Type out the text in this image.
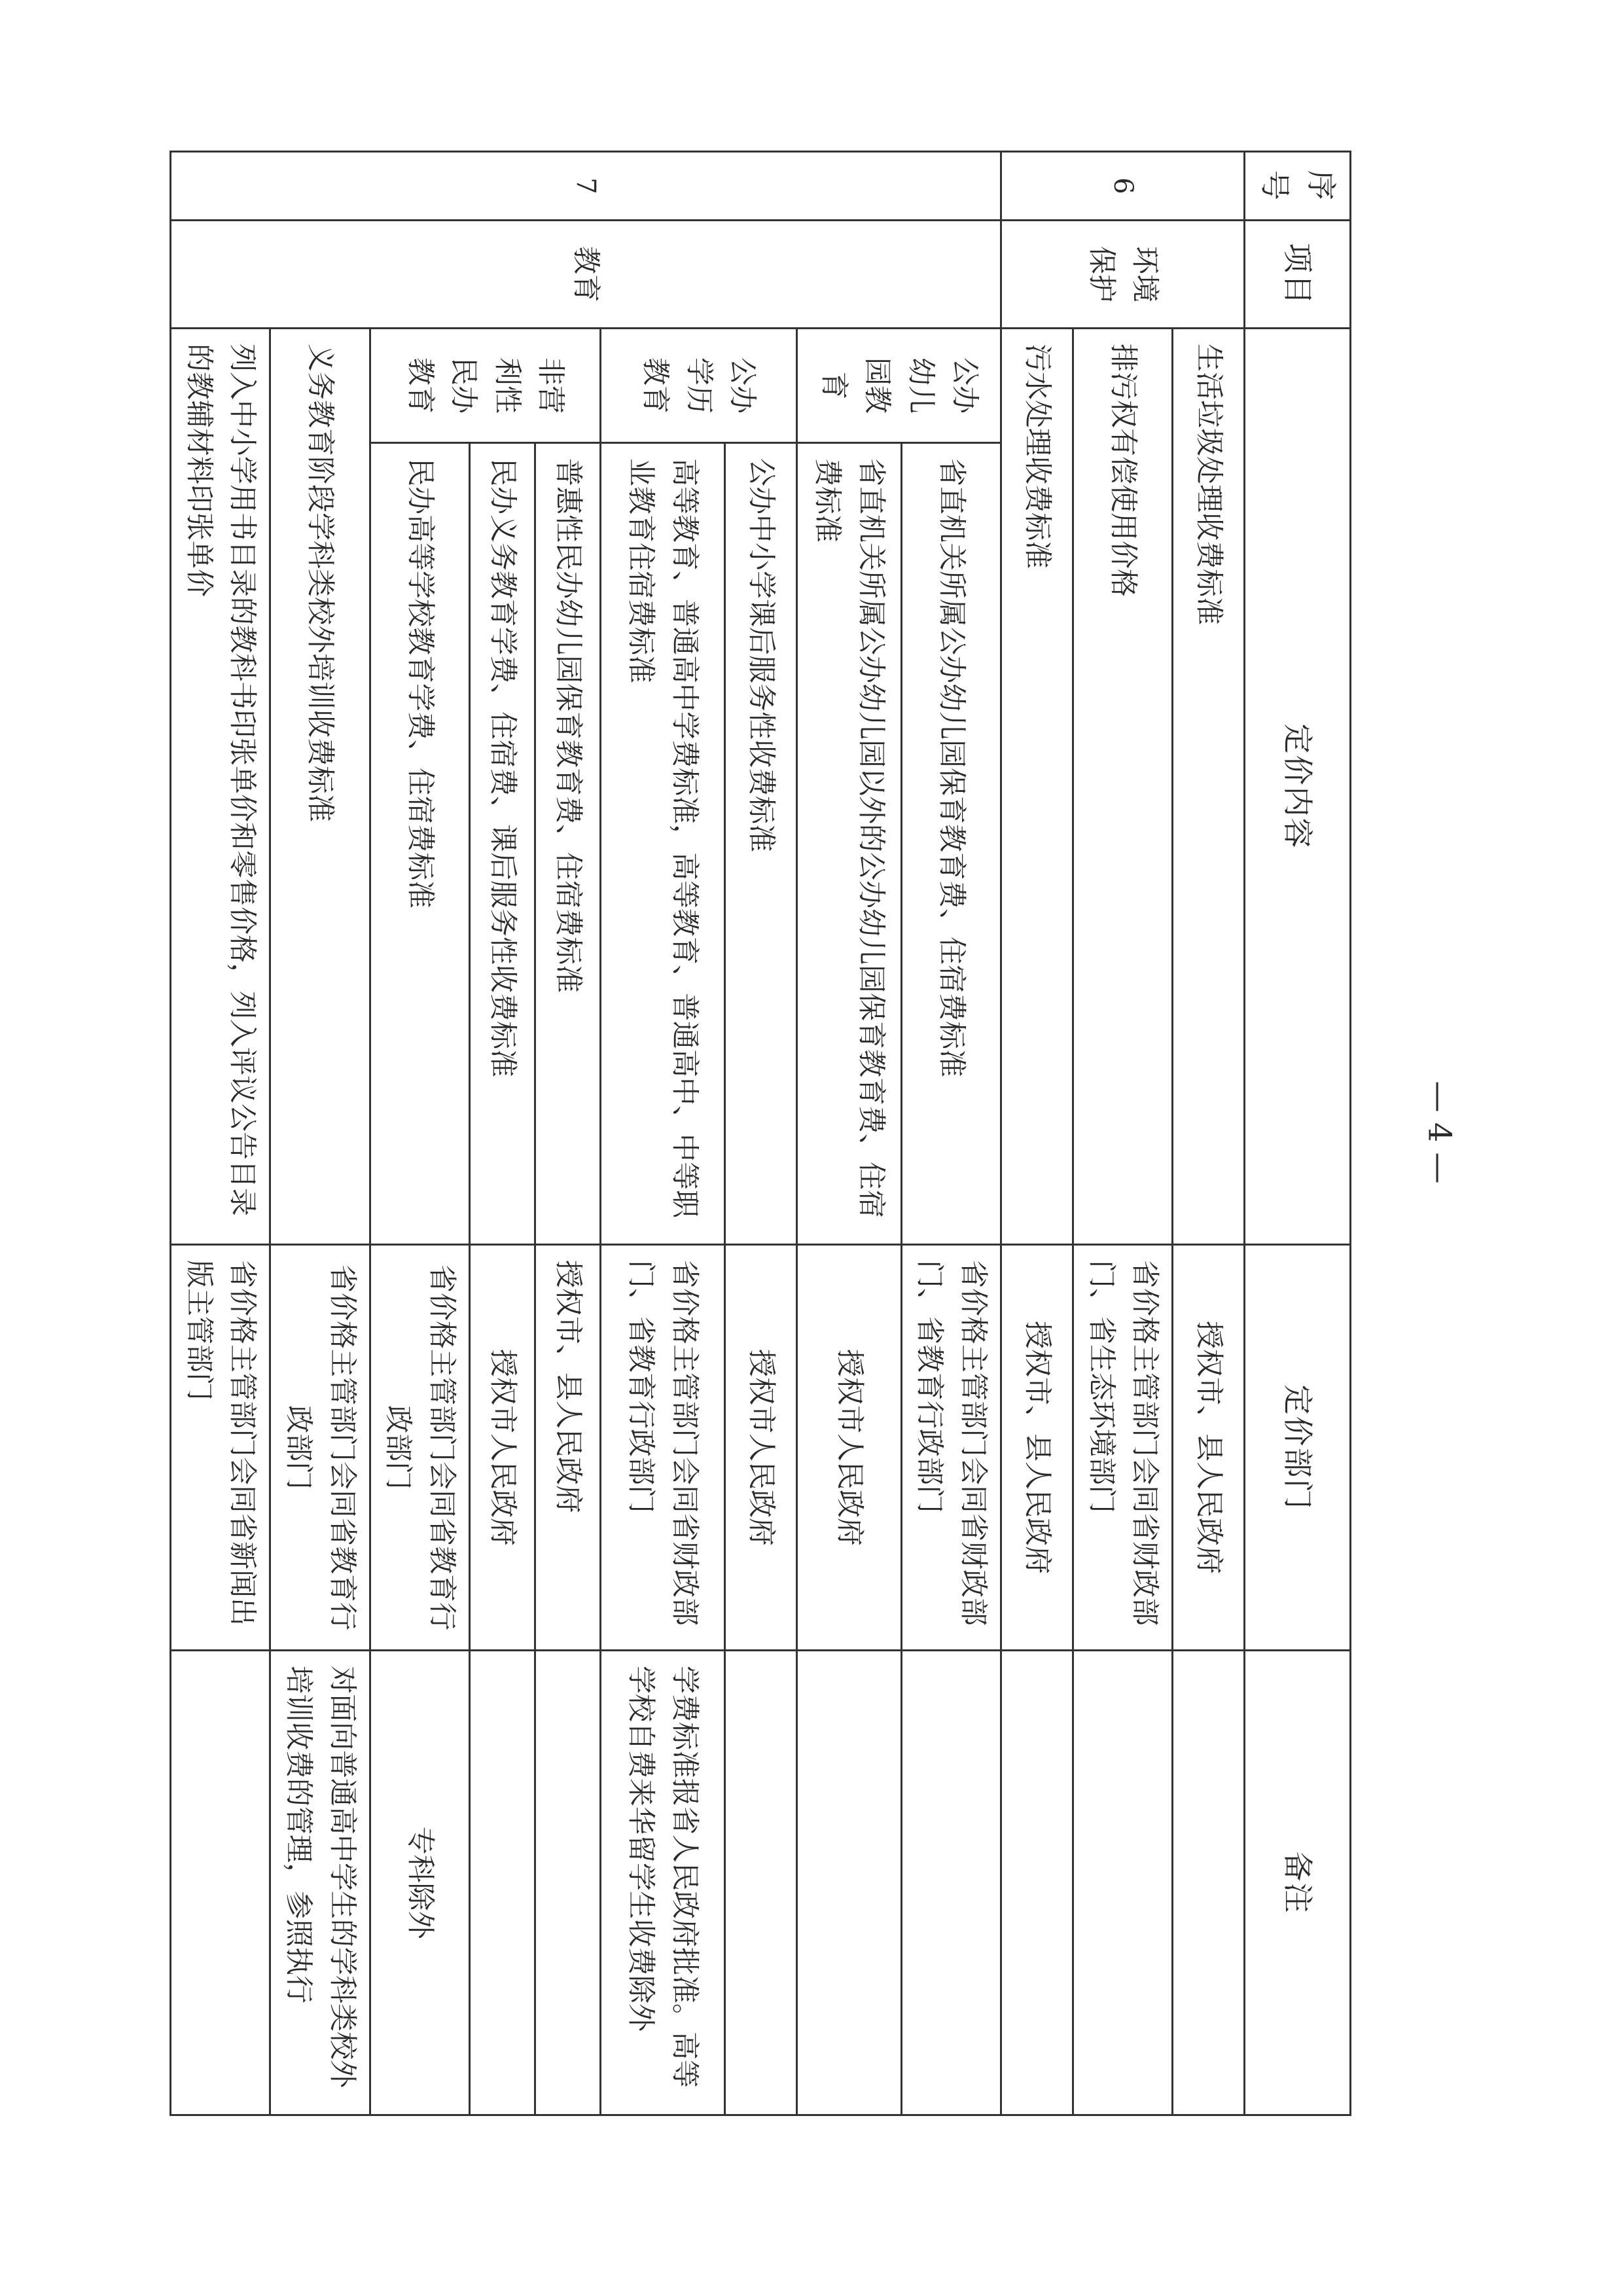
序号	项目	定价内容		定价部门	备注
6	环境保护	生活垃圾处理收费标准		授权市、县人民政府	
		排污权有偿使用价格		省价格主管部门会同省财政部门、省生态环境部门	
		污水处理收费标准		授权市、县人民政府	
7	教育	公办幼儿园教育	省直机关所属公办幼儿园保育教育费、住宿费标准	省价格主管部门会同省财政部门、省教育行政部门	
			省直机关所属公办幼儿园以外的公办幼儿园保育教育费、住宿费标准	授权市人民政府	
		公办学历教育	公办中小学课后服务性收费标准	授权市人民政府	
			高等教育、普通高中学费标准，高等教育、普通高中、中等职业教育住宿费标准	省价格主管部门会同省财政部门、省教育行政部门	学费标准报省人民政府批准。高等学校自费来华留学生收费除外
		非营利性民办教育	普惠性民办幼儿园保育教育费、住宿费标准	授权市、县人民政府	
			民办义务教育学费、住宿费、课后服务性收费标准	授权市人民政府	
			民办高等学校教育学费、住宿费标准	省价格主管部门会同省教育行政部门	专科除外
		义务教育阶段学科类校外培训收费标准		省价格主管部门会同省教育行政部门	对面向普通高中学生的学科类校外培训收费的管理，参照执行
		列入中小学用书目录的教科书印张单价和零售价格，列入评议公告目录的教辅材料印张单价		省价格主管部门会同省新闻出版主管部门	
— 4 —
